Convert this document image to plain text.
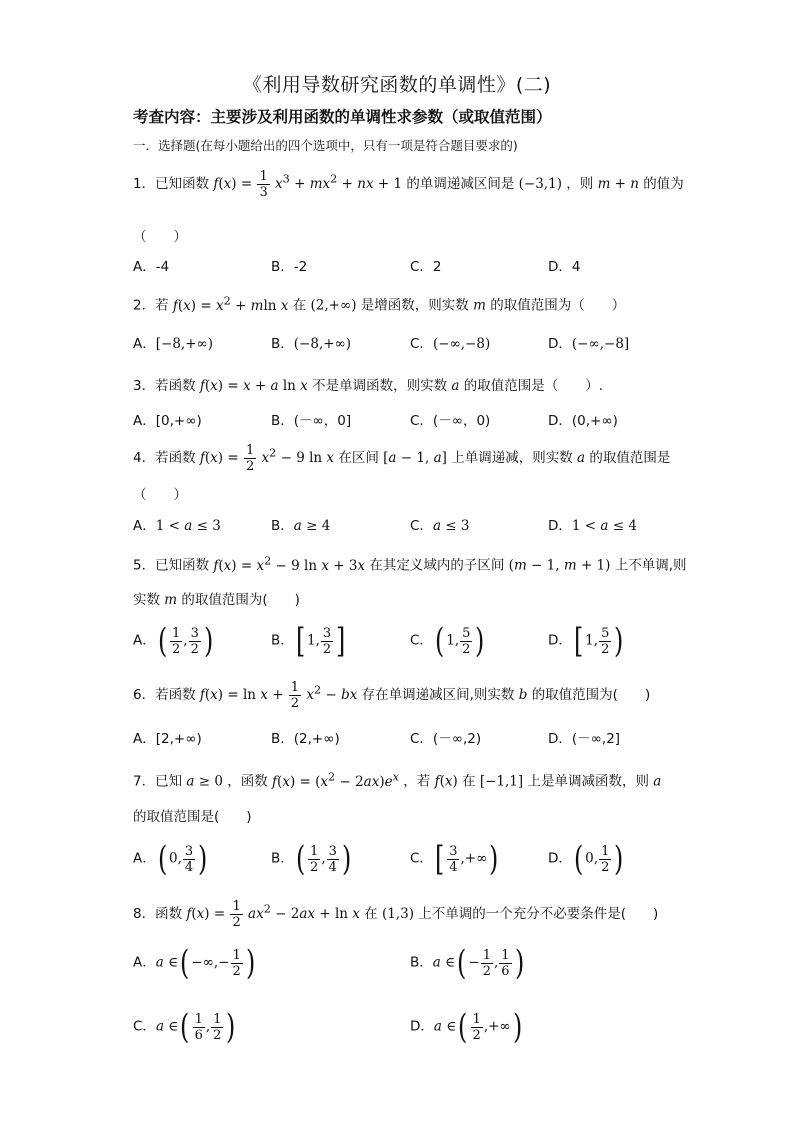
《利用导数研究函数的单调性》(二)
考查内容：主要涉及利用函数的单调性求参数（或取值范围）
一．选择题(在每小题给出的四个选项中，只有一项是符合题目要求的)
1．已知函数 $f(x) = \frac{1}{3} x^3 + mx^2$ + nx + 1 的单调递减区间是 (−3,1) ，则 m + n 的值为
（　　）
A．-4	B．-2	C．2	D．4
2．若 $f(x) = x^2 + mln$ x 在 (2,+∞) 是增函数，则实数 m 的取值范围为（　　）
A．[−8,+∞)	B．(−8,+∞)	C．(−∞,−8)	D．(−∞,−8]
3．若函数 f(x) = x + a ln x 不是单调函数，则实数 a 的取值范围是（　　）.
A．[0,+∞)	B．(－∞，0]	C．(－∞，0)	D．(0,+∞)
4．若函数 $f(x) = \frac{1}{2} x^2 - 9$ ln x 在区间 [a − 1, a] 上单调递减，则实数 a 的取值范围是
（　　）
A．1 < a ≤ 3	B．a ≥ 4	C．a ≤ 3	D．1 < a ≤ 4
5．已知函数 $f(x) = x^2 - 9$ ln x + 3x 在其定义域内的子区间 (m − 1, m + 1) 上不单调,则
实数 m 的取值范围为(　　)
A．( $\frac{1}{2}$ , $\frac{3}{2}$ )	B．[ 1, $\frac{3}{2}$ ]	C．( 1, $\frac{5}{2}$ )	D．[ 1, $\frac{5}{2}$ )
6．若函数 $f(x) = \ln x + \frac{1}{2} x^2$ − bx 存在单调递减区间,则实数 b 的取值范围为(　　)
A．[2,+∞)	B．(2,+∞)	C．(－∞,2)	D．(－∞,2]
7．已知 a ≥ 0 ，函数 $f(x) = (x^2 - 2ax)e^x$ ，若 f(x) 在 [−1,1] 上是单调减函数，则 a
的取值范围是(　　)
A．( 0, $\frac{3}{4}$ )	B．( $\frac{1}{2}$ , $\frac{3}{4}$ )	C．[ $\frac{3}{4}$ ,+∞)	D．( 0, $\frac{1}{2}$ )
8．函数 $f(x) = \frac{1}{2} ax^2 - 2ax + \ln x$ 在 (1,3) 上不单调的一个充分不必要条件是(　　)
A．a ∈( −∞,− $\frac{1}{2}$ )	B．a ∈( − $\frac{1}{2}$ , $\frac{1}{6}$ )
C．a ∈( $\frac{1}{6}$ , $\frac{1}{2}$ )	D．a ∈( $\frac{1}{2}$ ,+∞)
